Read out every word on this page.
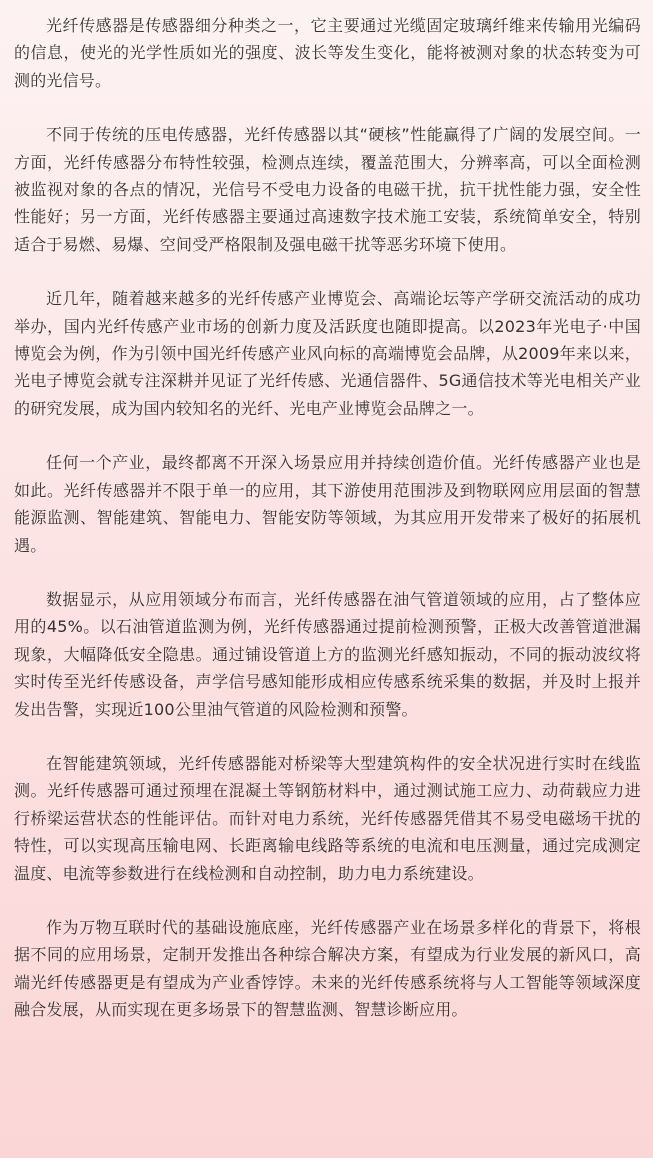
光纤传感器是传感器细分种类之一，它主要通过光缆固定玻璃纤维来传输用光编码的信息，使光的光学性质如光的强度、波长等发生变化，能将被测对象的状态转变为可测的光信号。

不同于传统的压电传感器，光纤传感器以其“硬核”性能赢得了广阔的发展空间。一方面，光纤传感器分布特性较强，检测点连续，覆盖范围大，分辨率高，可以全面检测被监视对象的各点的情况，光信号不受电力设备的电磁干扰，抗干扰性能力强，安全性性能好；另一方面，光纤传感器主要通过高速数字技术施工安装，系统简单安全，特别适合于易燃、易爆、空间受严格限制及强电磁干扰等恶劣环境下使用。

近几年，随着越来越多的光纤传感产业博览会、高端论坛等产学研交流活动的成功举办，国内光纤传感产业市场的创新力度及活跃度也随即提高。以2023年光电子·中国博览会为例，作为引领中国光纤传感产业风向标的高端博览会品牌，从2009年来以来，光电子博览会就专注深耕并见证了光纤传感、光通信器件、5G通信技术等光电相关产业的研究发展，成为国内较知名的光纤、光电产业博览会品牌之一。

任何一个产业，最终都离不开深入场景应用并持续创造价值。光纤传感器产业也是如此。光纤传感器并不限于单一的应用，其下游使用范围涉及到物联网应用层面的智慧能源监测、智能建筑、智能电力、智能安防等领域，为其应用开发带来了极好的拓展机遇。

数据显示，从应用领域分布而言，光纤传感器在油气管道领域的应用，占了整体应用的45%。以石油管道监测为例，光纤传感器通过提前检测预警，正极大改善管道泄漏现象，大幅降低安全隐患。通过铺设管道上方的监测光纤感知振动，不同的振动波纹将实时传至光纤传感设备，声学信号感知能形成相应传感系统采集的数据，并及时上报并发出告警，实现近100公里油气管道的风险检测和预警。

在智能建筑领域，光纤传感器能对桥梁等大型建筑构件的安全状况进行实时在线监测。光纤传感器可通过预埋在混凝土等钢筋材料中，通过测试施工应力、动荷载应力进行桥梁运营状态的性能评估。而针对电力系统，光纤传感器凭借其不易受电磁场干扰的特性，可以实现高压输电网、长距离输电线路等系统的电流和电压测量，通过完成测定温度、电流等参数进行在线检测和自动控制，助力电力系统建设。

作为万物互联时代的基础设施底座，光纤传感器产业在场景多样化的背景下，将根据不同的应用场景，定制开发推出各种综合解决方案，有望成为行业发展的新风口，高端光纤传感器更是有望成为产业香饽饽。未来的光纤传感系统将与人工智能等领域深度融合发展，从而实现在更多场景下的智慧监测、智慧诊断应用。
